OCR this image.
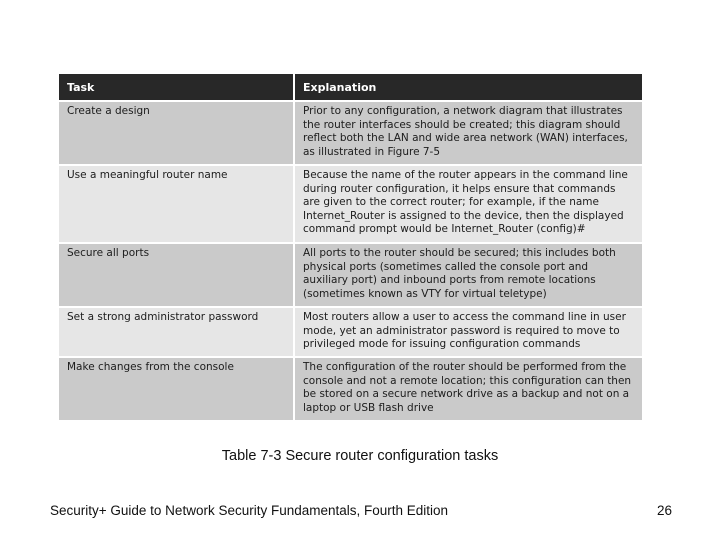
Task	Explanation
Create a design	Prior to any configuration, a network diagram that illustrates the router interfaces should be created; this diagram should reflect both the LAN and wide area network (WAN) interfaces, as illustrated in Figure 7-5
Use a meaningful router name	Because the name of the router appears in the command line during router configuration, it helps ensure that commands are given to the correct router; for example, if the name Internet_Router is assigned to the device, then the displayed command prompt would be Internet_Router (config)#
Secure all ports	All ports to the router should be secured; this includes both physical ports (sometimes called the console port and auxiliary port) and inbound ports from remote locations (sometimes known as VTY for virtual teletype)
Set a strong administrator password	Most routers allow a user to access the command line in user mode, yet an administrator password is required to move to privileged mode for issuing configuration commands
Make changes from the console	The configuration of the router should be performed from the console and not a remote location; this configuration can then be stored on a secure network drive as a backup and not on a laptop or USB flash drive
Table 7-3 Secure router configuration tasks
Security+ Guide to Network Security Fundamentals, Fourth Edition	26
